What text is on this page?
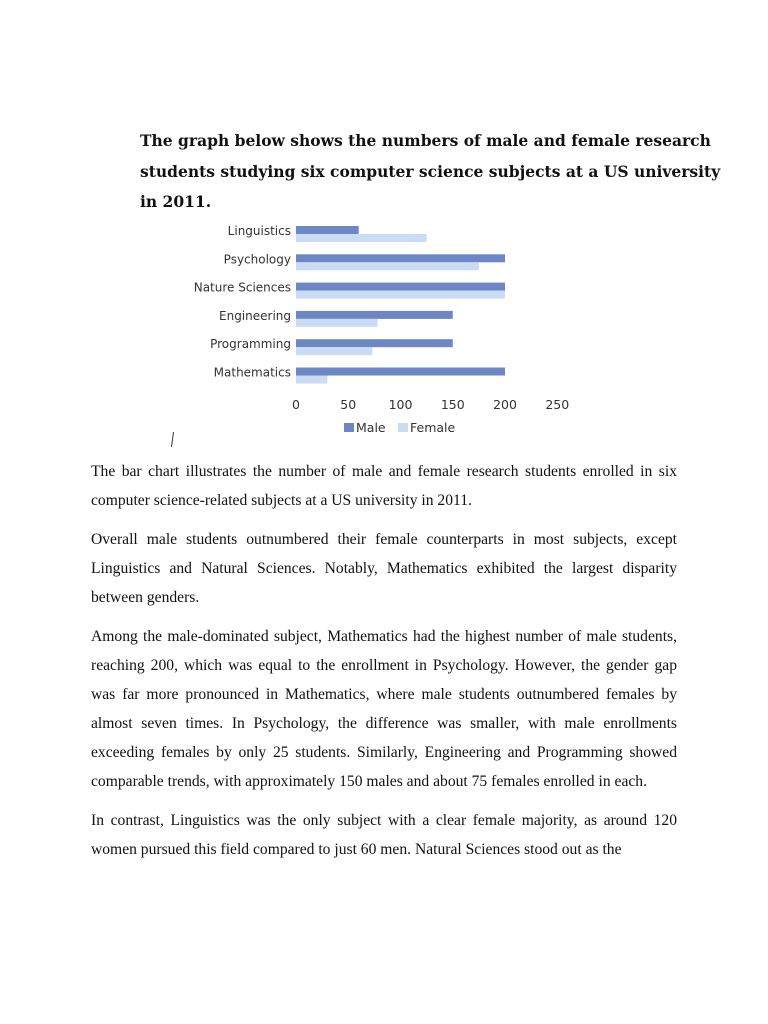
The graph below shows the numbers of male and female research
students studying six computer science subjects at a US university
in 2011.
Linguistics
Psychology
Nature Sciences
Engineering
Programming
Mathematics
0	50	100 150 200 250
Male Female

The bar chart illustrates the number of male and female research students enrolled in six computer science-related subjects at a US university in 2011.

Overall male students outnumbered their female counterparts in most subjects, except Linguistics and Natural Sciences. Notably, Mathematics exhibited the largest disparity between genders.

Among the male-dominated subject, Mathematics had the highest number of male students, reaching 200, which was equal to the enrollment in Psychology. However, the gender gap was far more pronounced in Mathematics, where male students outnumbered females by almost seven times. In Psychology, the difference was smaller, with male enrollments exceeding females by only 25 students. Similarly, Engineering and Programming showed comparable trends, with approximately 150 males and about 75 females enrolled in each.

In contrast, Linguistics was the only subject with a clear female majority, as around 120 women pursued this field compared to just 60 men. Natural Sciences stood out as the
